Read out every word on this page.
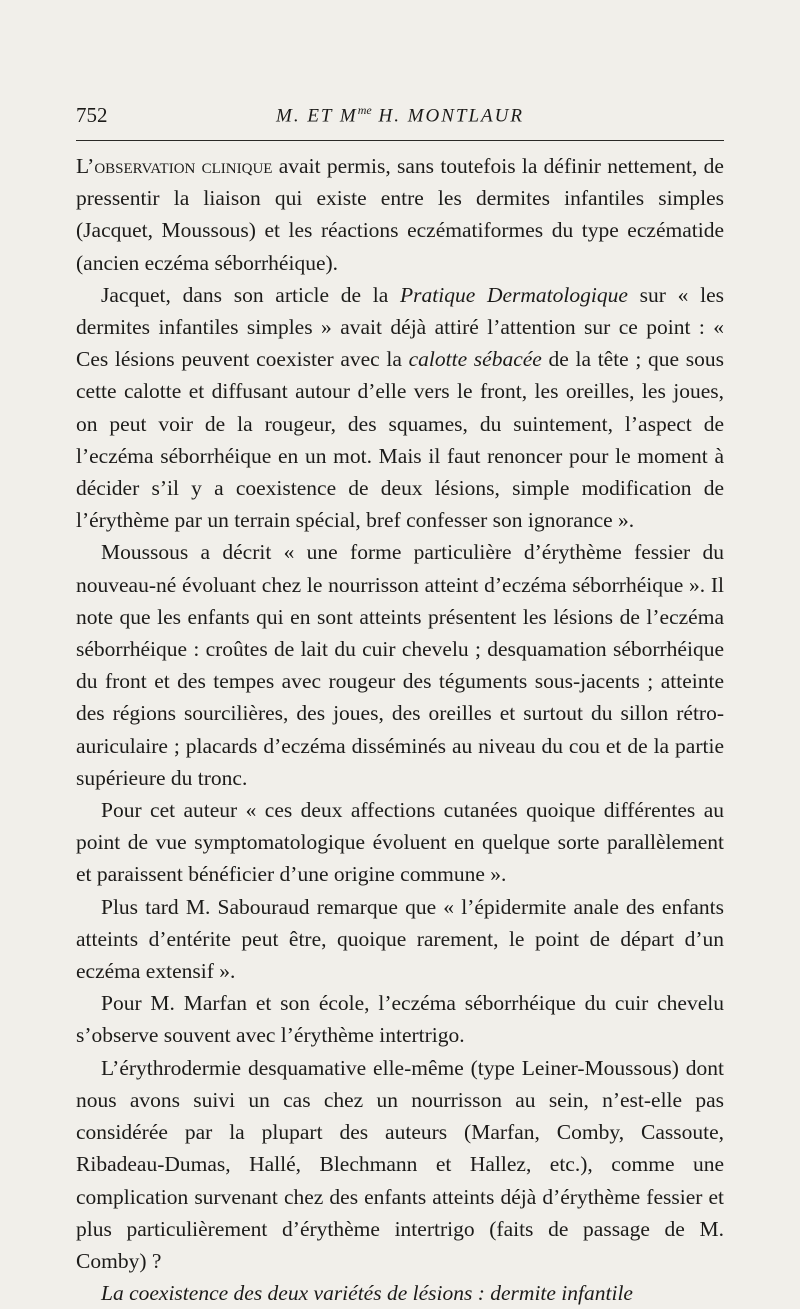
752	M. ET $M^{me}$ H. MONTLAUR

L’observation clinique avait permis, sans toutefois la définir nettement, de pressentir la liaison qui existe entre les dermites infantiles simples (Jacquet, Moussous) et les réactions eczématiformes du type eczématide (ancien eczéma séborrhéique).

Jacquet, dans son article de la Pratique Dermatologique sur « les dermites infantiles simples » avait déjà attiré l’attention sur ce point : « Ces lésions peuvent coexister avec la calotte sébacée de la tête ; que sous cette calotte et diffusant autour d’elle vers le front, les oreilles, les joues, on peut voir de la rougeur, des squames, du suintement, l’aspect de l’eczéma séborrhéique en un mot. Mais il faut renoncer pour le moment à décider s’il y a coexistence de deux lésions, simple modification de l’érythème par un terrain spécial, bref confesser son ignorance ».

Moussous a décrit « une forme particulière d’érythème fessier du nouveau-né évoluant chez le nourrisson atteint d’eczéma séborrhéique ». Il note que les enfants qui en sont atteints présentent les lésions de l’eczéma séborrhéique : croûtes de lait du cuir chevelu ; desquamation séborrhéique du front et des tempes avec rougeur des téguments sous-jacents ; atteinte des régions sourcilières, des joues, des oreilles et surtout du sillon rétro-auriculaire ; placards d’eczéma disséminés au niveau du cou et de la partie supérieure du tronc.

Pour cet auteur « ces deux affections cutanées quoique différentes au point de vue symptomatologique évoluent en quelque sorte parallèlement et paraissent bénéficier d’une origine commune ».

Plus tard M. Sabouraud remarque que « l’épidermite anale des enfants atteints d’entérite peut être, quoique rarement, le point de départ d’un eczéma extensif ».

Pour M. Marfan et son école, l’eczéma séborrhéique du cuir chevelu s’observe souvent avec l’érythème intertrigo.

L’érythrodermie desquamative elle-même (type Leiner-Moussous) dont nous avons suivi un cas chez un nourrisson au sein, n’est-elle pas considérée par la plupart des auteurs (Marfan, Comby, Cassoute, Ribadeau-Dumas, Hallé, Blechmann et Hallez, etc.), comme une complication survenant chez des enfants atteints déjà d’érythème fessier et plus particulièrement d’érythème intertrigo (faits de passage de M. Comby) ?

La coexistence des deux variétés de lésions : dermite infantile
